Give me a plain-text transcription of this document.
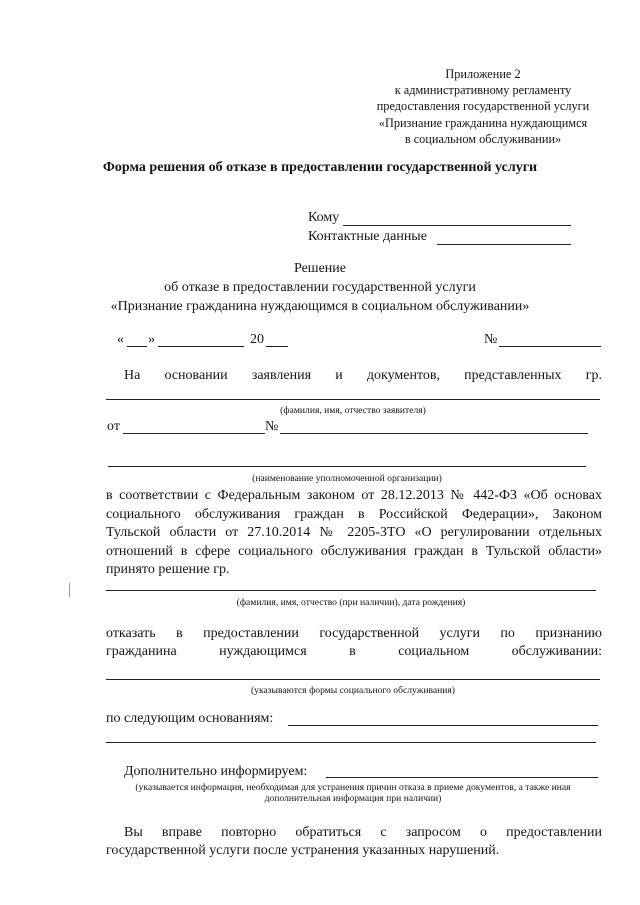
Приложение 2
к административному регламенту
предоставления государственной услуги
«Признание гражданина нуждающимся
в социальном обслуживании»
Форма решения об отказе в предоставлении государственной услуги
Кому
Контактные данные
Решение
об отказе в предоставлении государственной услуги
«Признание гражданина нуждающимся в социальном обслуживании»
« »	20	№
На основании заявления и документов, представленных гр.
(фамилия, имя, отчество заявителя)
от	№
(наименование уполномоченной организации)
в соответствии с Федеральным законом от 28.12.2013 № 442-ФЗ «Об основах
социального обслуживания граждан в Российской Федерации», Законом
Тульской области от 27.10.2014 № 2205-ЗТО «О регулировании отдельных
отношений в сфере социального обслуживания граждан в Тульской области»
принято решение гр.
(фамилия, имя, отчество (при наличии), дата рождения)
отказать в предоставлении государственной услуги по признанию
гражданина	нуждающимся	в	социальном	обслуживании:
(указываются формы социального обслуживания)
по следующим основаниям:
Дополнительно информируем:
(указывается информация, необходимая для устранения причин отказа в приеме документов, а также иная
дополнительная информация при наличии)
Вы вправе повторно обратиться с запросом о предоставлении
государственной услуги после устранения указанных нарушений.
